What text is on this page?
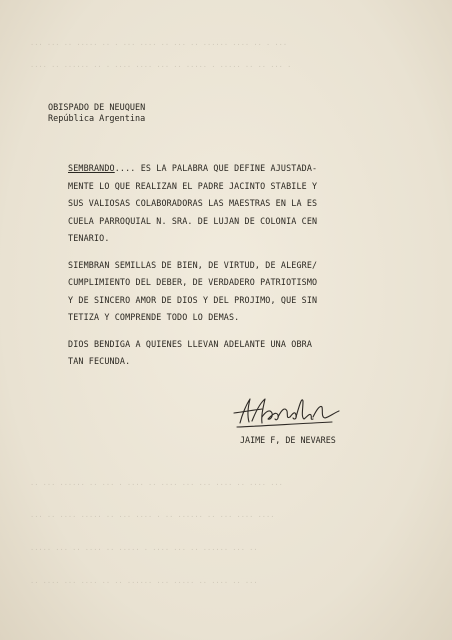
··· ··· ·· ····· ·· · ··· ···· ·· ··· ·· ······ ···· ·· · ···
···· ·· ······ ·· · ···· ···· ··· ·· ····· · ····· ·· ·· ··· ·
·· ··· ······ ·· ··· · ···· ·· ···· ··· ··· ···· ·· ···· ···
··· ·· ···· ····· ·· ··· ···· · ·· ······ ·· ··· ···· ····
····· ··· ·· ···· ·· ····· · ···· ··· ·· ······ ··· ··
·· ···· ··· ···· ·· ·· ······ ··· ····· ·· ···· ·· ···
OBISPADO DE NEUQUEN
República Argentina
SEMBRANDO.... ES LA PALABRA QUE DEFINE AJUSTADA-
MENTE LO QUE REALIZAN EL PADRE JACINTO STABILE Y
SUS VALIOSAS COLABORADORAS LAS MAESTRAS EN LA ES
CUELA PARROQUIAL N. SRA. DE LUJAN DE COLONIA CEN
TENARIO.
SIEMBRAN SEMILLAS DE BIEN, DE VIRTUD, DE ALEGRE/
CUMPLIMIENTO DEL DEBER, DE VERDADERO PATRIOTISMO
Y DE SINCERO AMOR DE DIOS Y DEL PROJIMO, QUE SIN
TETIZA Y COMPRENDE TODO LO DEMAS.
DIOS BENDIGA A QUIENES LLEVAN ADELANTE UNA OBRA
TAN FECUNDA.
JAIME F, DE NEVARES
